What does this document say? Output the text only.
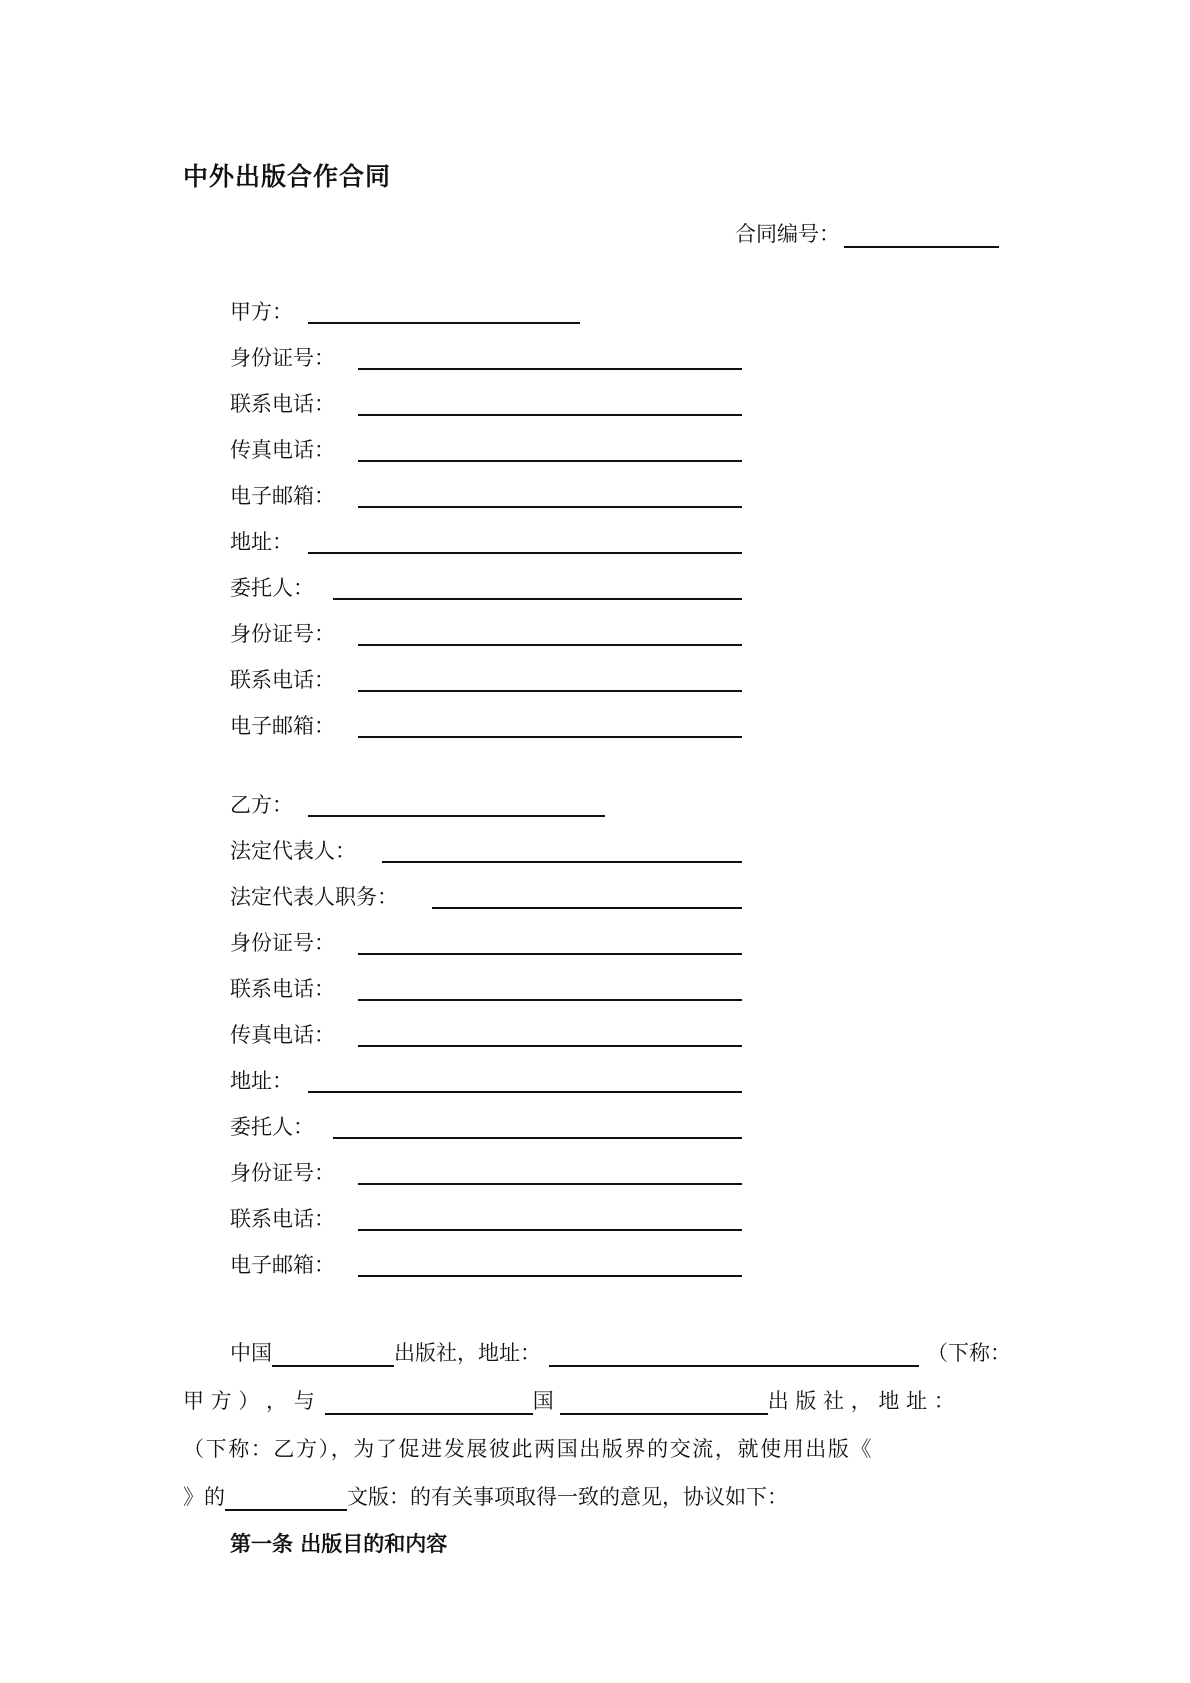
中外出版合作合同
合同编号：
甲方：
身份证号：
联系电话：
传真电话：
电子邮箱：
地址：
委托人：
身份证号：
联系电话：
电子邮箱：
乙方：
法定代表人：
法定代表人职务：
身份证号：
联系电话：
传真电话：
地址：
委托人：
身份证号：
联系电话：
电子邮箱：
中国	出版社，地址：	（下称：
甲 方 ） ， 与	国	出 版 社 ， 地 址 ：
（下称：乙方），为了促进发展彼此两国出版界的交流，就使用出版《
》的	文版：的有关事项取得一致的意见，协议如下：
第一条 出版目的和内容
